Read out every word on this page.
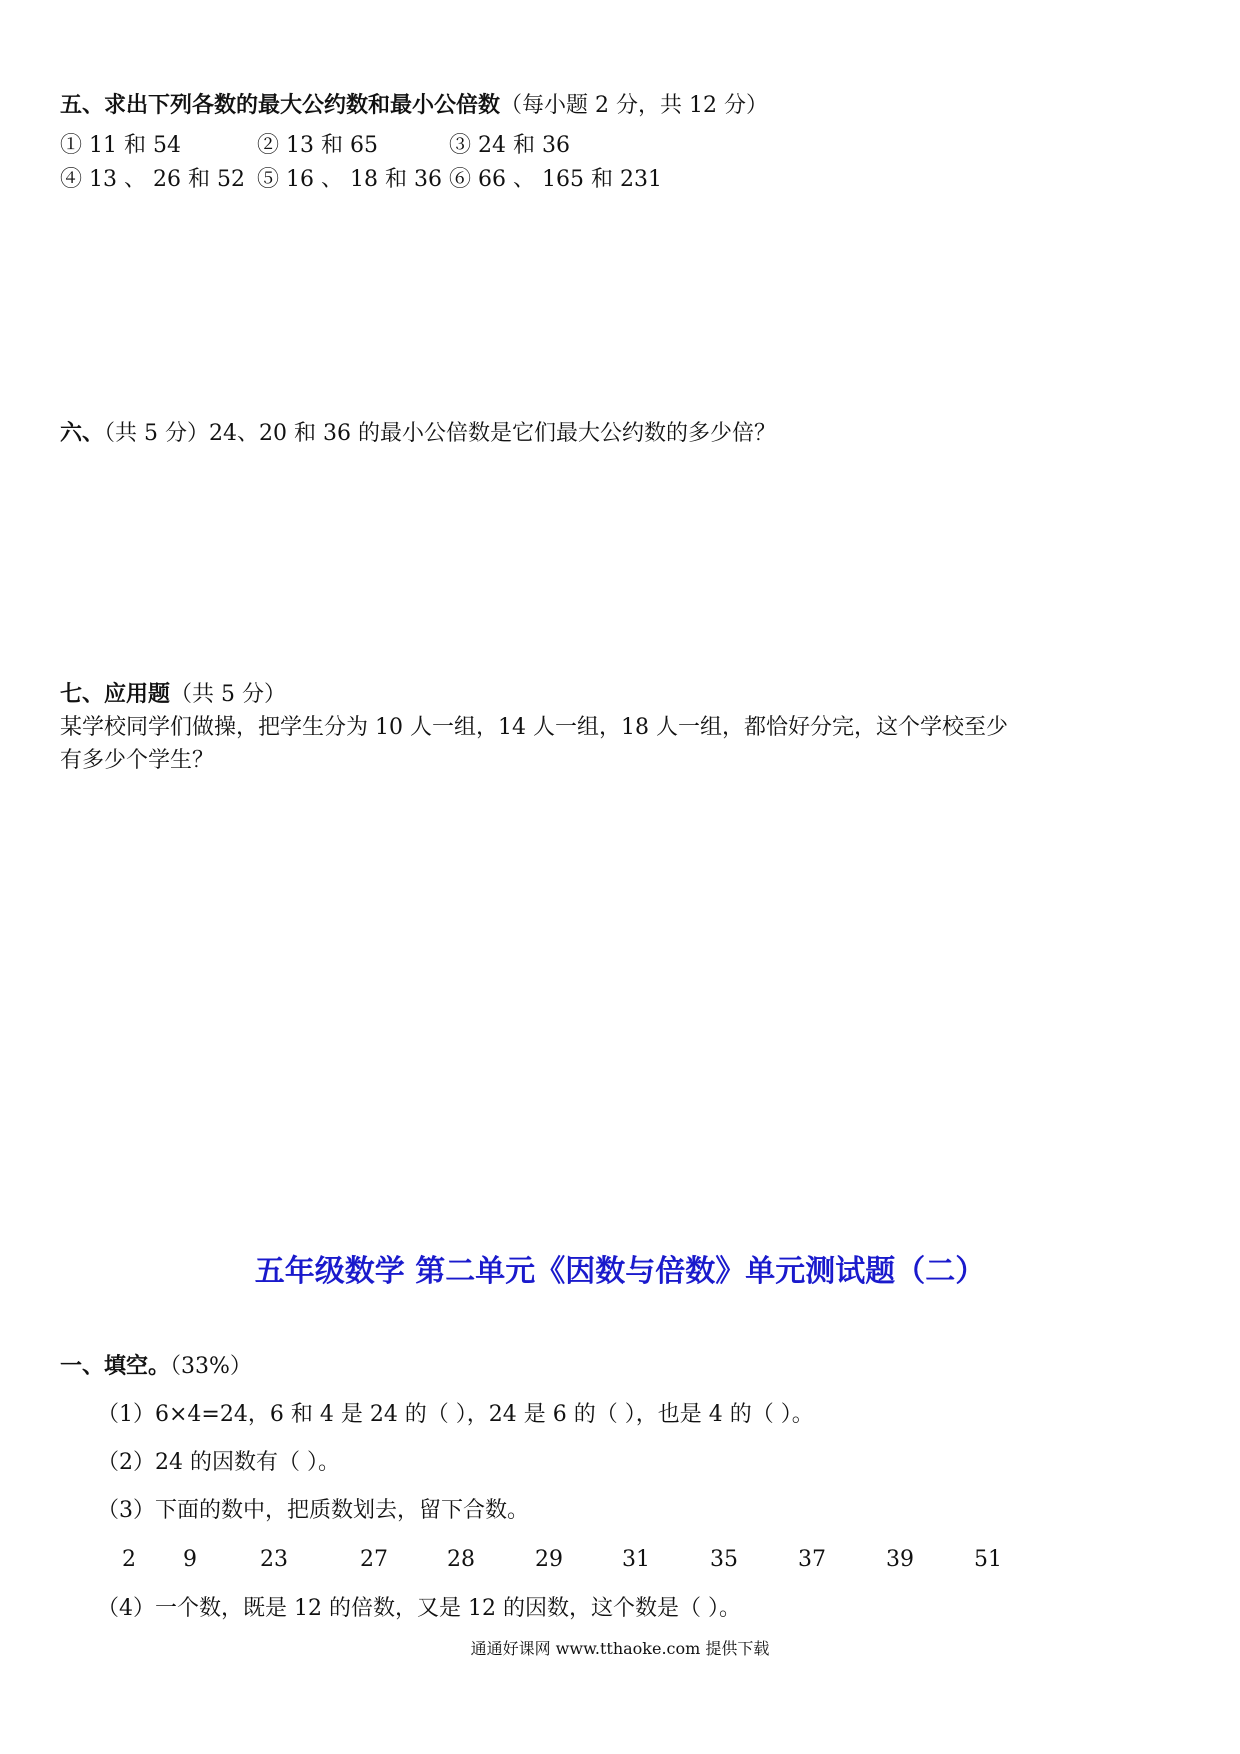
五、求出下列各数的最大公约数和最小公倍数（每小题 2 分，共 12 分）
① 11 和 54	② 13 和 65	③ 24 和 36
④ 13 、 26 和 52 ⑤ 16 、 18 和 36 ⑥ 66 、 165 和 231
六、（共 5 分）24、20 和 36 的最小公倍数是它们最大公约数的多少倍？
七、应用题（共 5 分）
某学校同学们做操，把学生分为 10 人一组，14 人一组，18 人一组，都恰好分完，这个学校至少
有多少个学生？
五年级数学 第二单元《因数与倍数》单元测试题（二）
一、填空。（33%）
（1）6×4=24，6 和 4 是 24 的（ ），24 是 6 的（ ），也是 4 的（ ）。
（2）24 的因数有（ ）。
（3）下面的数中，把质数划去，留下合数。
2 9	23	27	28	29	31	35	37	39	51
（4）一个数，既是 12 的倍数，又是 12 的因数，这个数是（ ）。
通通好课网 www.tthaoke.com 提供下载
